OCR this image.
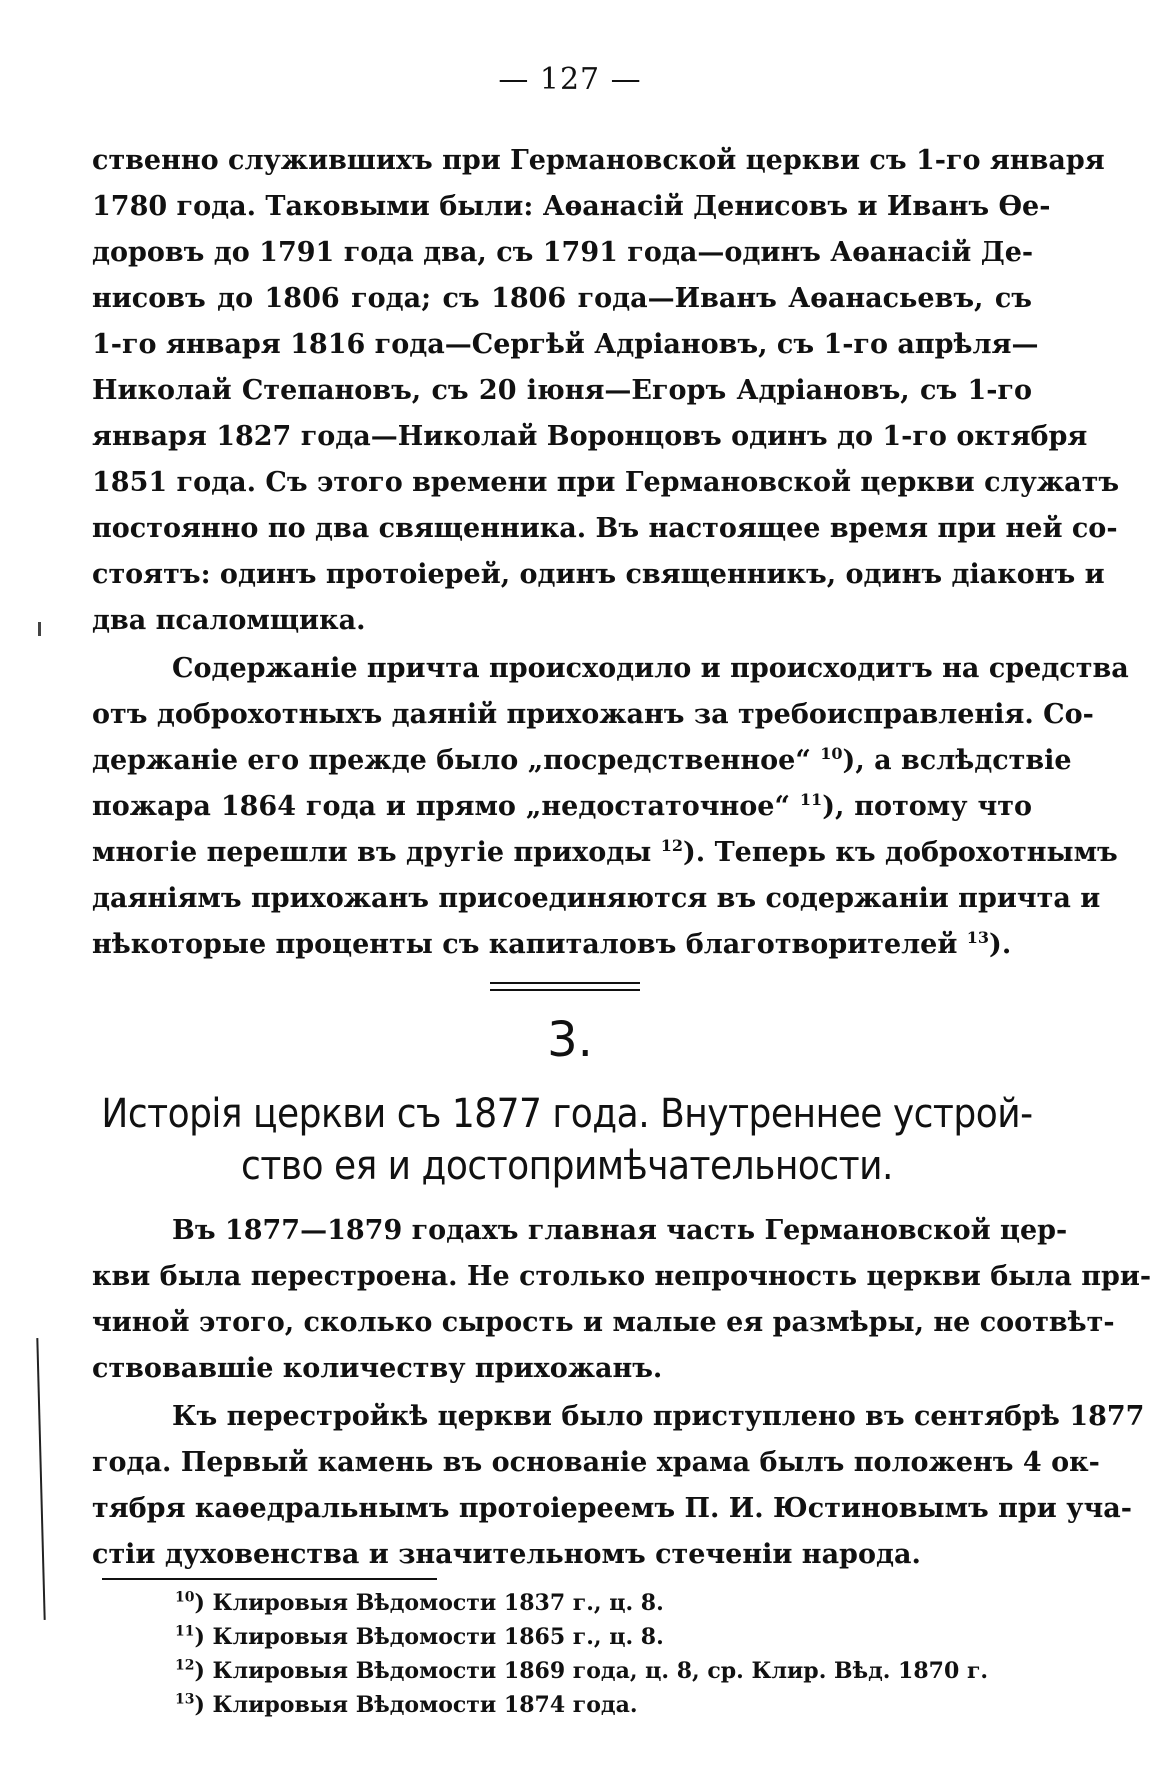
— 127 —
ственно служившихъ при Германовской церкви съ 1-го января
1780 года. Таковыми были: Аѳанасій Денисовъ и Иванъ Ѳе-
доровъ до 1791 года два, съ 1791 года—одинъ Аѳанасій Де-
нисовъ до 1806 года; съ 1806 года—Иванъ Аѳанасьевъ, съ
1-го января 1816 года—Сергѣй Адріановъ, съ 1-го апрѣля—
Николай Степановъ, съ 20 іюня—Егоръ Адріановъ, съ 1-го
января 1827 года—Николай Воронцовъ одинъ до 1-го октября
1851 года. Съ этого времени при Германовской церкви служатъ
постоянно по два священника. Въ настоящее время при ней со-
стоятъ: одинъ протоіерей, одинъ священникъ, одинъ діаконъ и
два псаломщика.
Содержаніе причта происходило и происходитъ на средства
отъ доброхотныхъ даяній прихожанъ за требоисправленія. Со-
держаніе его прежде было „посредственное“ $^{10}$), а вслѣдствіе
пожара 1864 года и прямо „недостаточное“ $^{11}$), потому что
многіе перешли въ другіе приходы $^{12}$). Теперь къ доброхотнымъ
даяніямъ прихожанъ присоединяются въ содержаніи причта и
нѣкоторые проценты съ капиталовъ благотворителей $^{13}$).
3.
Исторія церкви съ 1877 года. Внутреннее устрой-
ство ея и достопримѣчательности.
Въ 1877—1879 годахъ главная часть Германовской цер-
кви была перестроена. Не столько непрочность церкви была при-
чиной этого, сколько сырость и малые ея размѣры, не соотвѣт-
ствовавшіе количеству прихожанъ.
Къ перестройкѣ церкви было приступлено въ сентябрѣ 1877
года. Первый камень въ основаніе храма былъ положенъ 4 ок-
тября каѳедральнымъ протоіереемъ П. И. Юстиновымъ при уча-
стіи духовенства и значительномъ стеченіи народа.
$^{10}$) Клировыя Вѣдомости 1837 г., ц. 8.
$^{11}$) Клировыя Вѣдомости 1865 г., ц. 8.
$^{12}$) Клировыя Вѣдомости 1869 года, ц. 8, ср. Клир. Вѣд. 1870 г.
$^{13}$) Клировыя Вѣдомости 1874 года.
